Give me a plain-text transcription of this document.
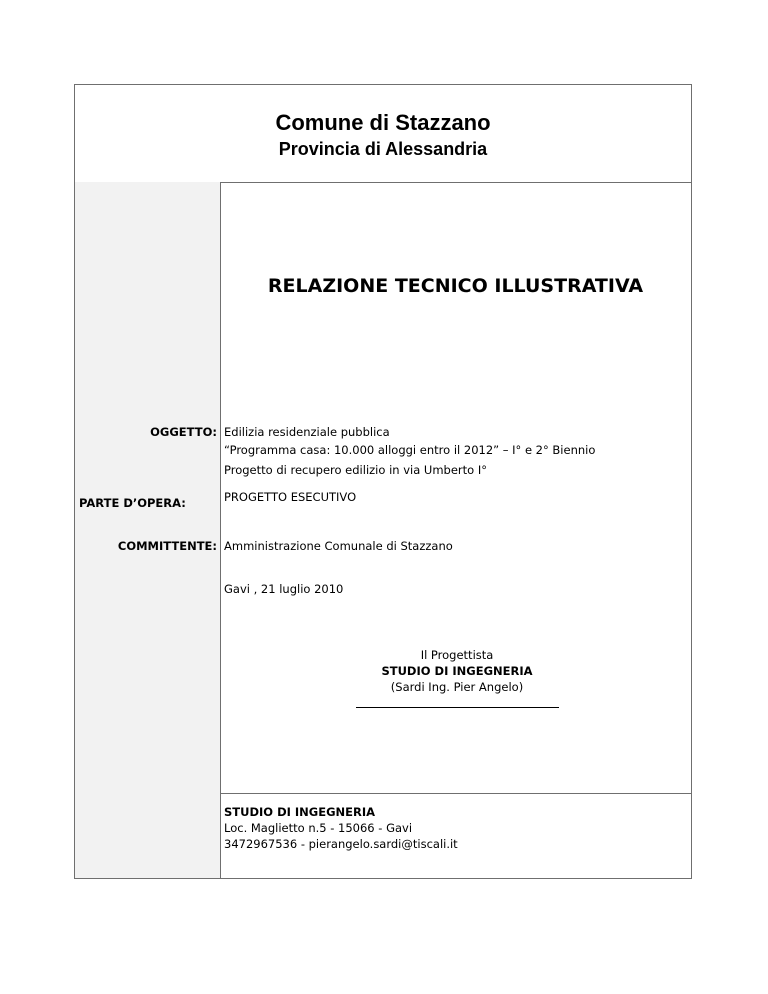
Comune di Stazzano
Provincia di Alessandria
RELAZIONE TECNICO ILLUSTRATIVA
OGGETTO: Edilizia residenziale pubblica
“Programma casa: 10.000 alloggi entro il 2012” – I° e 2° Biennio
Progetto di recupero edilizio in via Umberto I°
PARTE D’OPERA:	PROGETTO ESECUTIVO
COMMITTENTE: Amministrazione Comunale di Stazzano
Gavi , 21 luglio 2010
Il Progettista
STUDIO DI INGEGNERIA
(Sardi Ing. Pier Angelo)
STUDIO DI INGEGNERIA
Loc. Maglietto n.5 - 15066 - Gavi
3472967536 - pierangelo.sardi@tiscali.it
